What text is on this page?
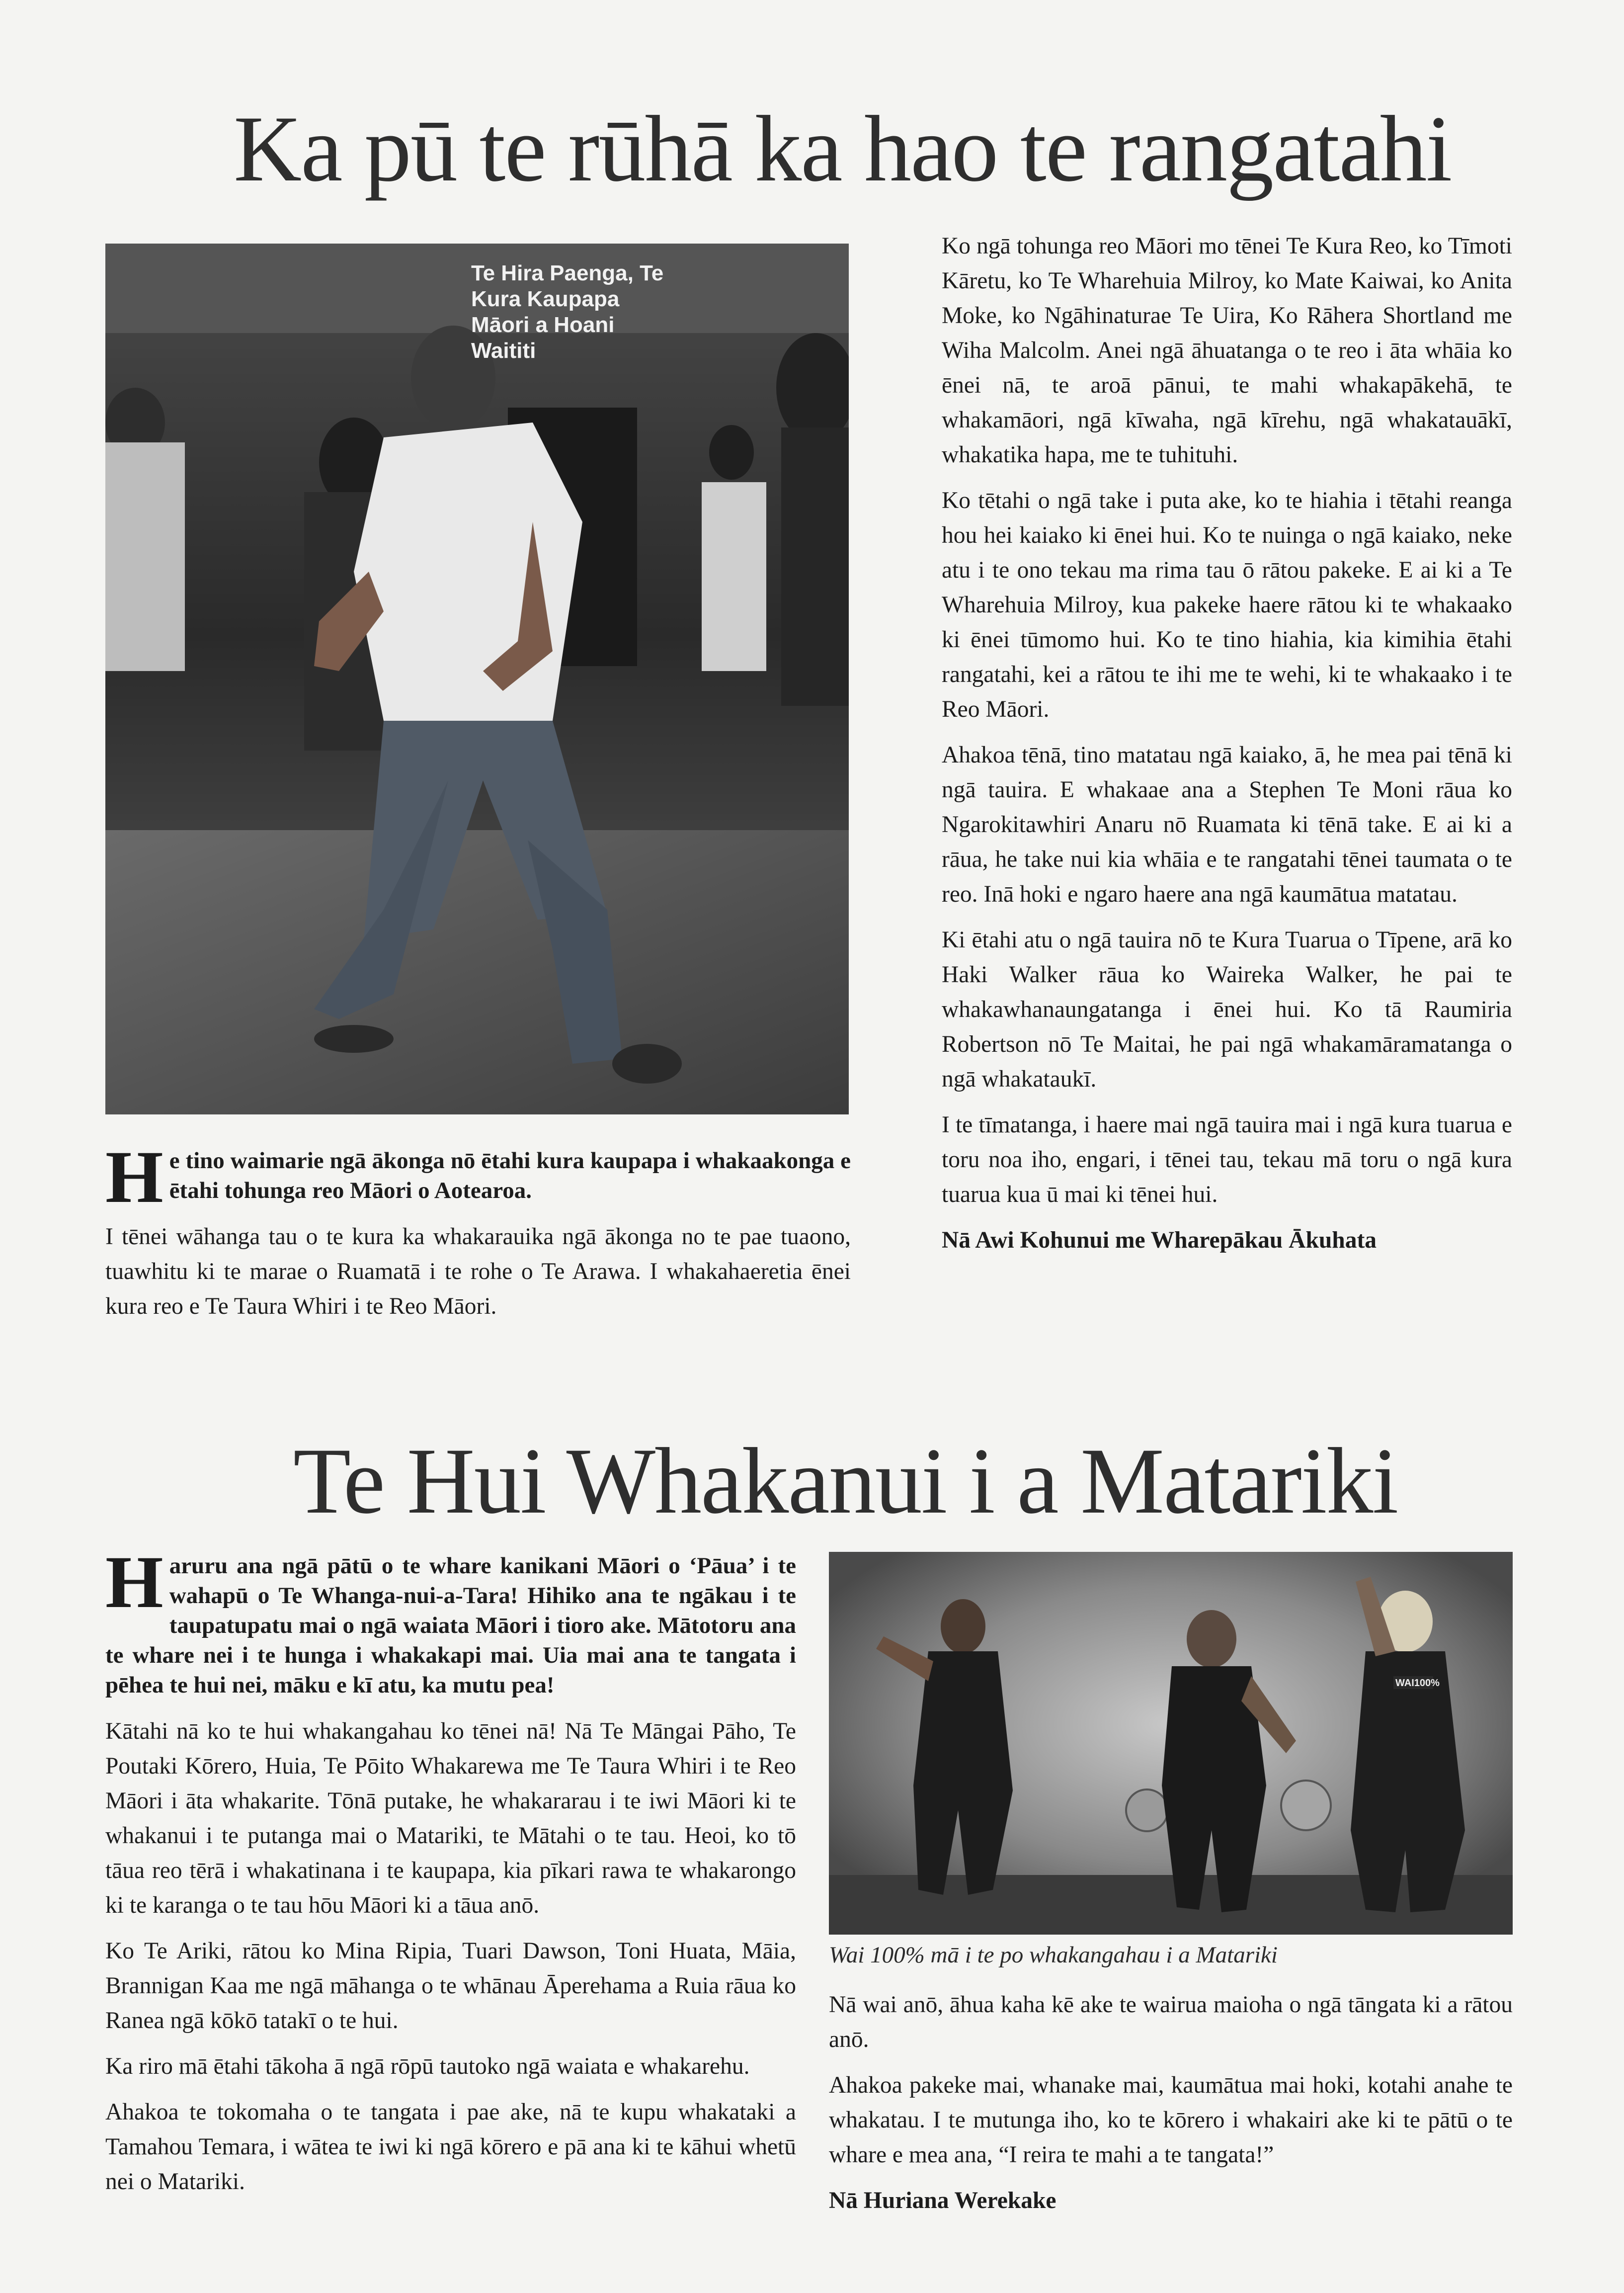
Ka pū te rūhā ka hao te rangatahi
Te Hira Paenga, Te Kura Kaupapa Māori a Hoani Waititi
He tino waimarie ngā ākonga nō ētahi kura kaupapa i whakaakonga e ētahi tohunga reo Māori o Aotearoa.

I tēnei wāhanga tau o te kura ka whakarauika ngā ākonga no te pae tuaono, tuawhitu ki te marae o Ruamatā i te rohe o Te Arawa. I whakahaeretia ēnei kura reo e Te Taura Whiri i te Reo Māori.

Ko ngā tohunga reo Māori mo tēnei Te Kura Reo, ko Tīmoti Kāretu, ko Te Wharehuia Milroy, ko Mate Kaiwai, ko Anita Moke, ko Ngāhinaturae Te Uira, Ko Rāhera Shortland me Wiha Malcolm. Anei ngā āhuatanga o te reo i āta whāia ko ēnei nā, te aroā pānui, te mahi whakapākehā, te whakamāori, ngā kīwaha, ngā kīrehu, ngā whakatauākī, whakatika hapa, me te tuhituhi.

Ko tētahi o ngā take i puta ake, ko te hiahia i tētahi reanga hou hei kaiako ki ēnei hui. Ko te nuinga o ngā kaiako, neke atu i te ono tekau ma rima tau ō rātou pakeke. E ai ki a Te Wharehuia Milroy, kua pakeke haere rātou ki te whakaako ki ēnei tūmomo hui. Ko te tino hiahia, kia kimihia ētahi rangatahi, kei a rātou te ihi me te wehi, ki te whakaako i te Reo Māori.

Ahakoa tēnā, tino matatau ngā kaiako, ā, he mea pai tēnā ki ngā tauira. E whakaae ana a Stephen Te Moni rāua ko Ngarokitawhiri Anaru nō Ruamata ki tēnā take. E ai ki a rāua, he take nui kia whāia e te rangatahi tēnei taumata o te reo. Inā hoki e ngaro haere ana ngā kaumātua matatau.

Ki ētahi atu o ngā tauira nō te Kura Tuarua o Tīpene, arā ko Haki Walker rāua ko Waireka Walker, he pai te whakawhanaungatanga i ēnei hui. Ko tā Raumiria Robertson nō Te Maitai, he pai ngā whakamāramatanga o ngā whakataukī.

I te tīmatanga, i haere mai ngā tauira mai i ngā kura tuarua e toru noa iho, engari, i tēnei tau, tekau mā toru o ngā kura tuarua kua ū mai ki tēnei hui.

Nā Awi Kohunui me Wharepākau Ākuhata

Te Hui Whakanui i a Matariki
Haruru ana ngā pātū o te whare kanikani Māori o ‘Pāua’ i te wahapū o Te Whanga-nui-a-Tara! Hihiko ana te ngākau i te taupatupatu mai o ngā waiata Māori i tioro ake. Mātotoru ana te whare nei i te hunga i whakakapi mai. Uia mai ana te tangata i pēhea te hui nei, māku e kī atu, ka mutu pea!

Kātahi nā ko te hui whakangahau ko tēnei nā! Nā Te Māngai Pāho, Te Poutaki Kōrero, Huia, Te Pōito Whakarewa me Te Taura Whiri i te Reo Māori i āta whakarite. Tōnā putake, he whakararau i te iwi Māori ki te whakanui i te putanga mai o Matariki, te Mātahi o te tau. Heoi, ko tō tāua reo tērā i whakatinana i te kaupapa, kia pīkari rawa te whakarongo ki te karanga o te tau hōu Māori ki a tāua anō.

Ko Te Ariki, rātou ko Mina Ripia, Tuari Dawson, Toni Huata, Māia, Brannigan Kaa me ngā māhanga o te whānau Āperehama a Ruia rāua ko Ranea ngā kōkō tatakī o te hui.

Ka riro mā ētahi tākoha ā ngā rōpū tautoko ngā waiata e whakarehu.

Ahakoa te tokomaha o te tangata i pae ake, nā te kupu whakataki a Tamahou Temara, i wātea te iwi ki ngā kōrero e pā ana ki te kāhui whetū nei o Matariki.

WAI100%
Wai 100% mā i te po whakangahau i a Matariki

Nā wai anō, āhua kaha kē ake te wairua maioha o ngā tāngata ki a rātou anō.

Ahakoa pakeke mai, whanake mai, kaumātua mai hoki, kotahi anahe te whakatau. I te mutunga iho, ko te kōrero i whakairi ake ki te pātū o te whare e mea ana, “I reira te mahi a te tangata!”

Nā Huriana Werekake
